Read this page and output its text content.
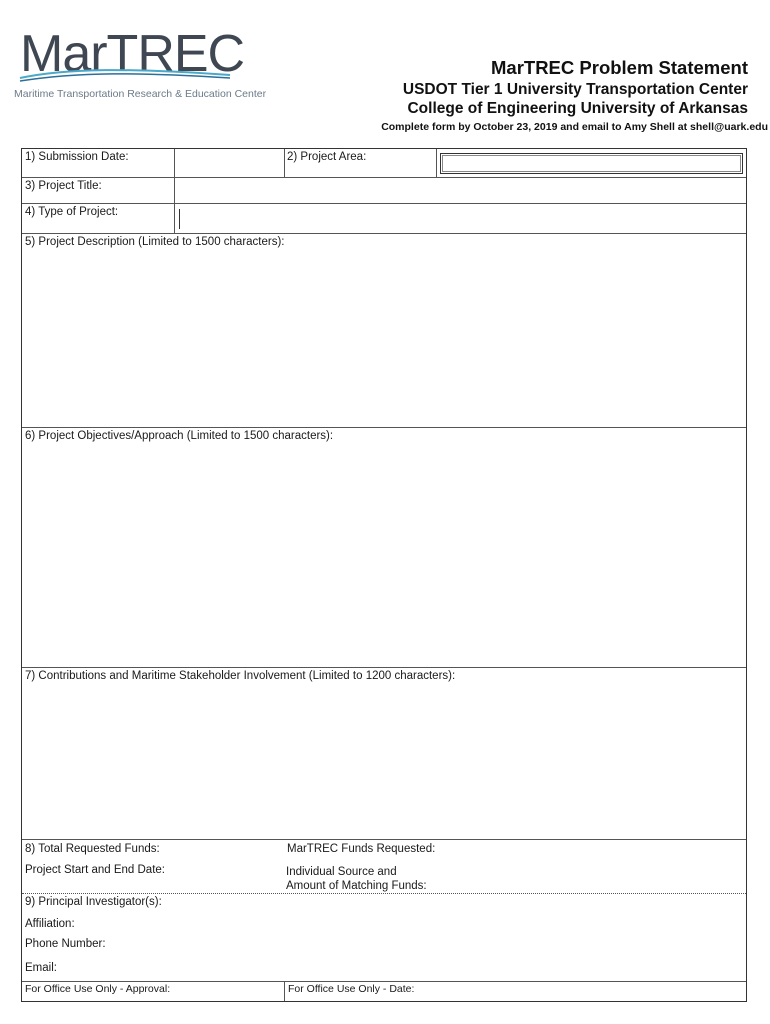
MarTREC
Maritime Transportation Research & Education Center
MarTREC Problem Statement
USDOT Tier 1 University Transportation Center
College of Engineering University of Arkansas
Complete form by October 23, 2019 and email to Amy Shell at shell@uark.edu
1) Submission Date:	2) Project Area:
3) Project Title:
4) Type of Project:
5) Project Description (Limited to 1500 characters):
6) Project Objectives/Approach (Limited to 1500 characters):
7) Contributions and Maritime Stakeholder Involvement (Limited to 1200 characters):
8) Total Requested Funds:	MarTREC Funds Requested:
Project Start and End Date:	Individual Source and
Amount of Matching Funds:
9) Principal Investigator(s):
Affiliation:
Phone Number:
Email:
For Office Use Only - Approval:	For Office Use Only - Date:
